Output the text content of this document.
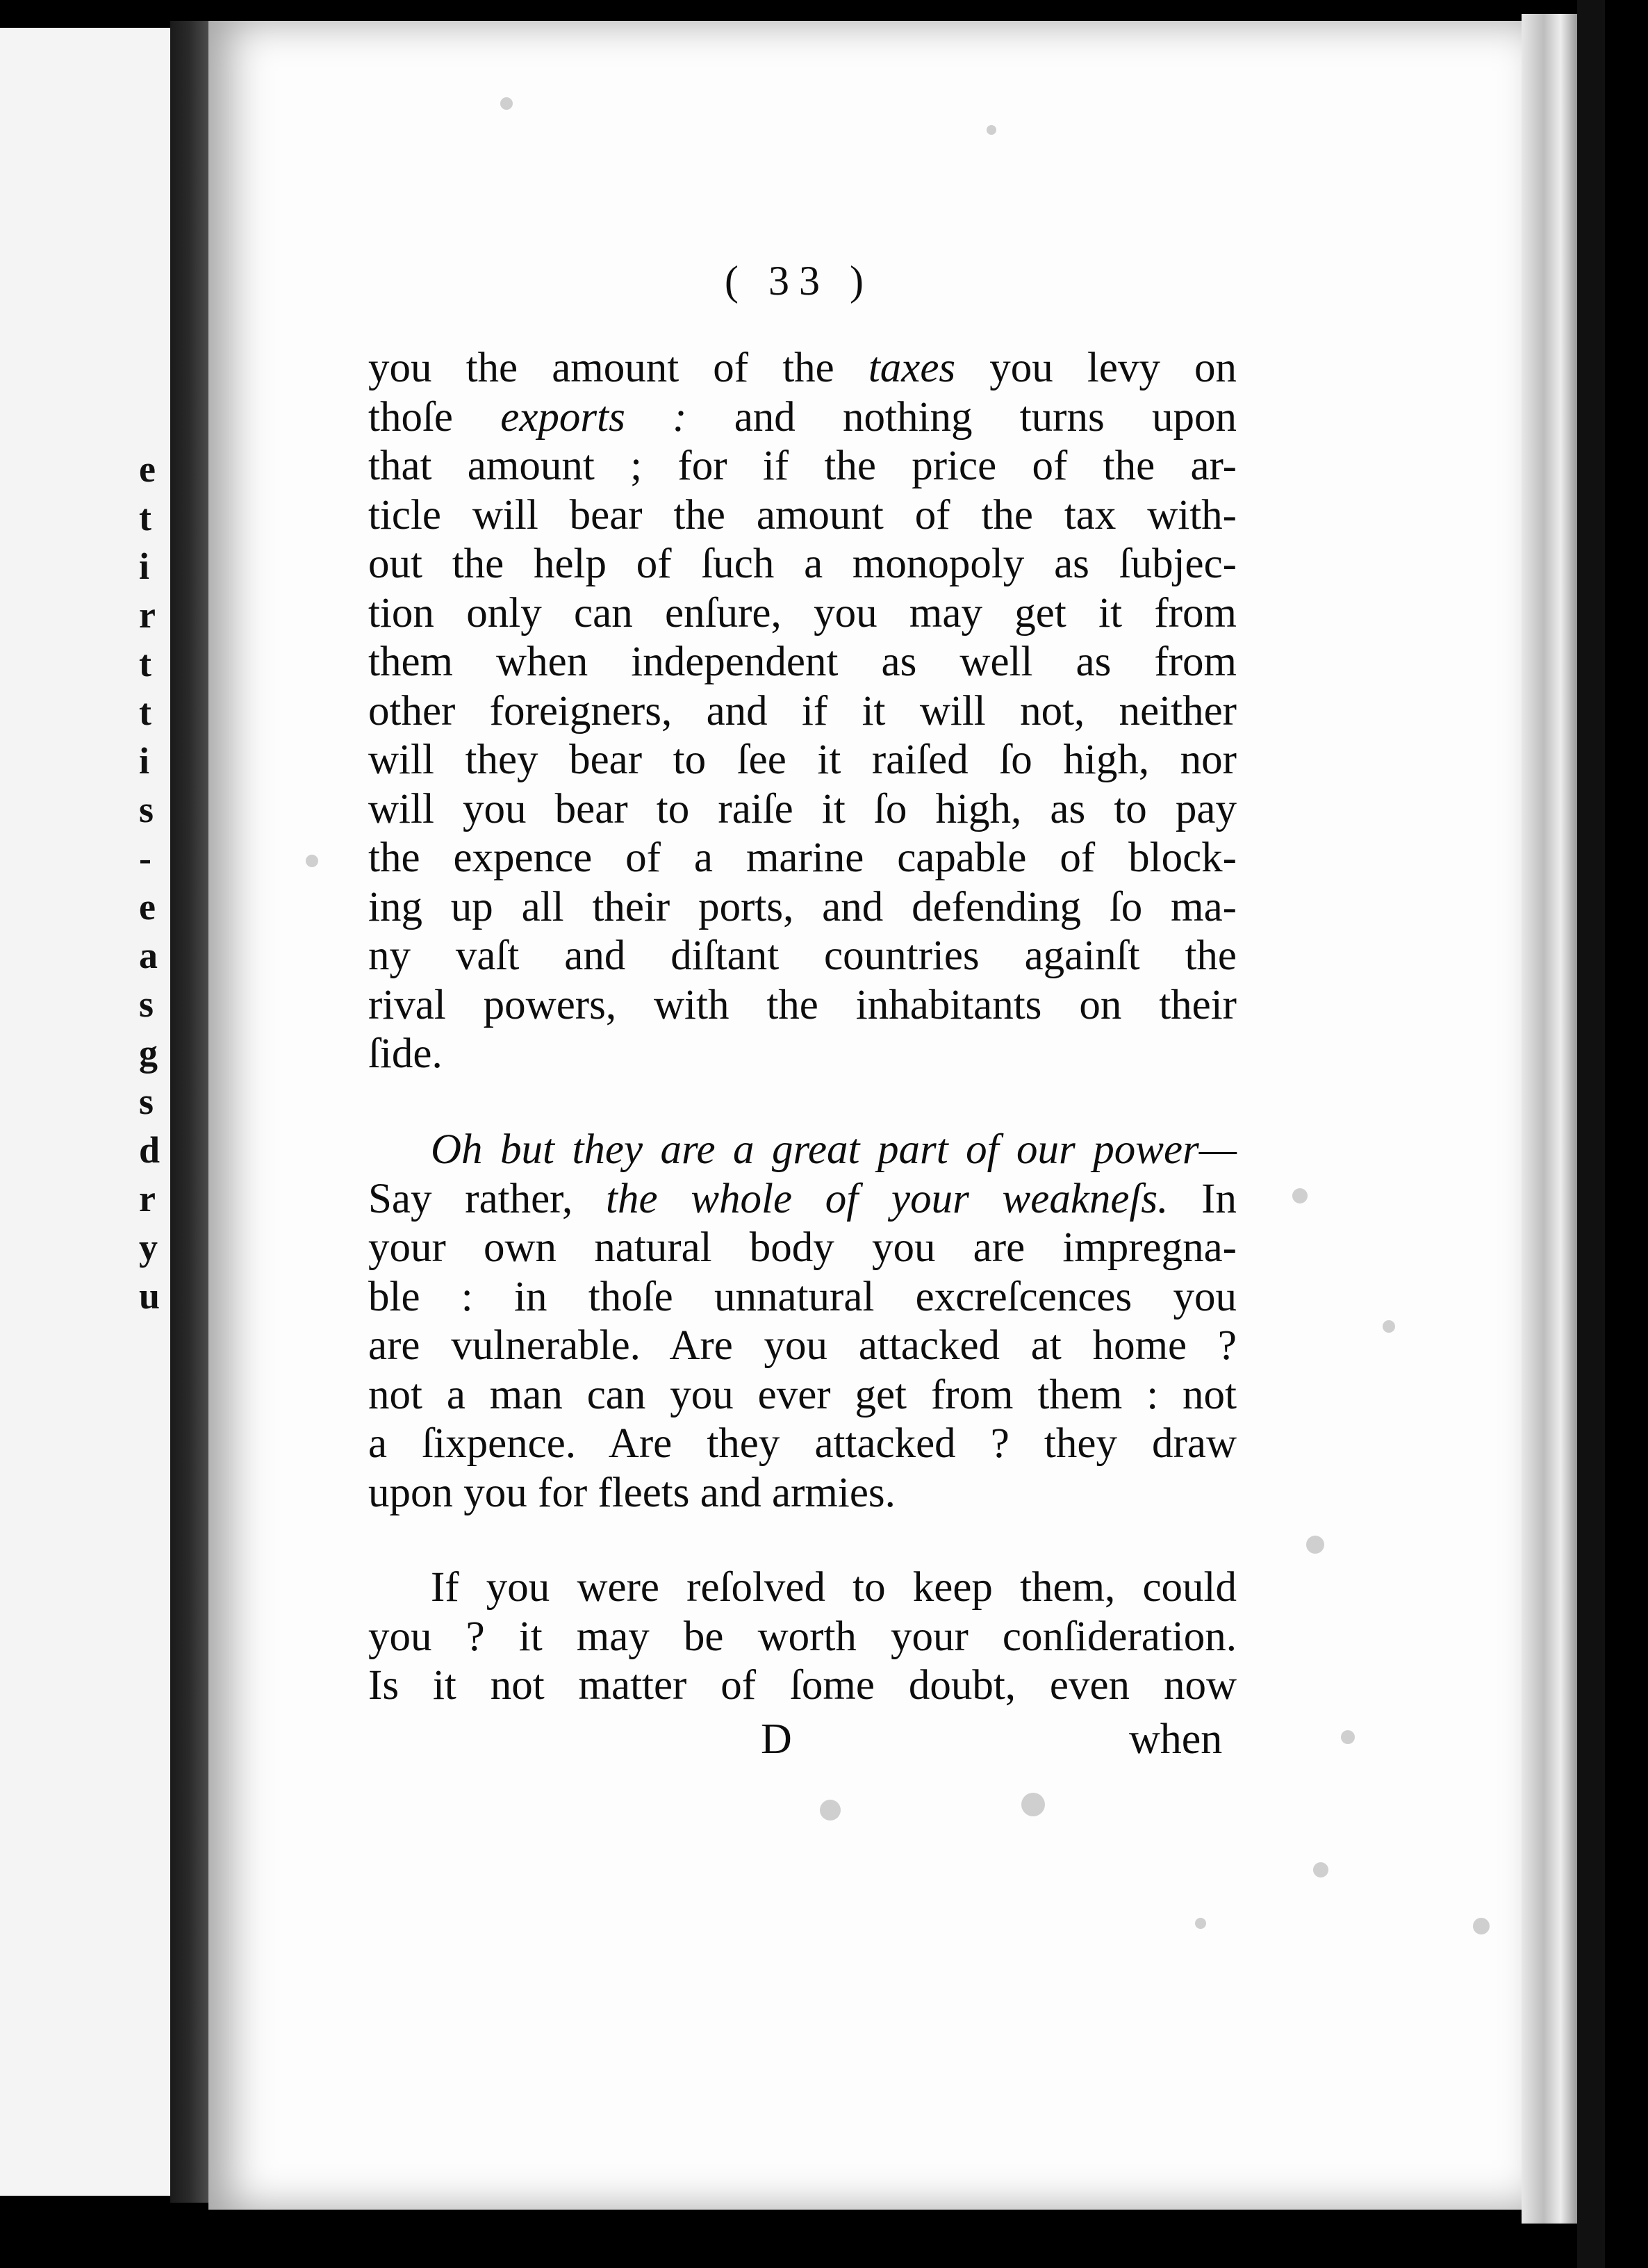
e
t
i
r
t
t
i
s
-
e
a
s
g
s
d
r
y
u
( 33 )
you the amount of the taxes you levy on
thoſe exports : and nothing turns upon
that amount ; for if the price of the ar-
ticle will bear the amount of the tax with-
out the help of ſuch a monopoly as ſubjec-
tion only can enſure, you may get it from
them when independent as well as from
other foreigners, and if it will not, neither
will they bear to ſee it raiſed ſo high, nor
will you bear to raiſe it ſo high, as to pay
the expence of a marine capable of block-
ing up all their ports, and defending ſo ma-
ny vaſt and diſtant countries againſt the
rival powers, with the inhabitants on their
ſide.
Oh but they are a great part of our power—
Say rather, the whole of your weakneſs. In
your own natural body you are impregna-
ble : in thoſe unnatural excreſcences you
are vulnerable. Are you attacked at home ?
not a man can you ever get from them : not
a ſixpence. Are they attacked ? they draw
upon you for fleets and armies.
If you were reſolved to keep them, could
you ? it may be worth your conſideration.
Is it not matter of ſome doubt, even now
D	when
